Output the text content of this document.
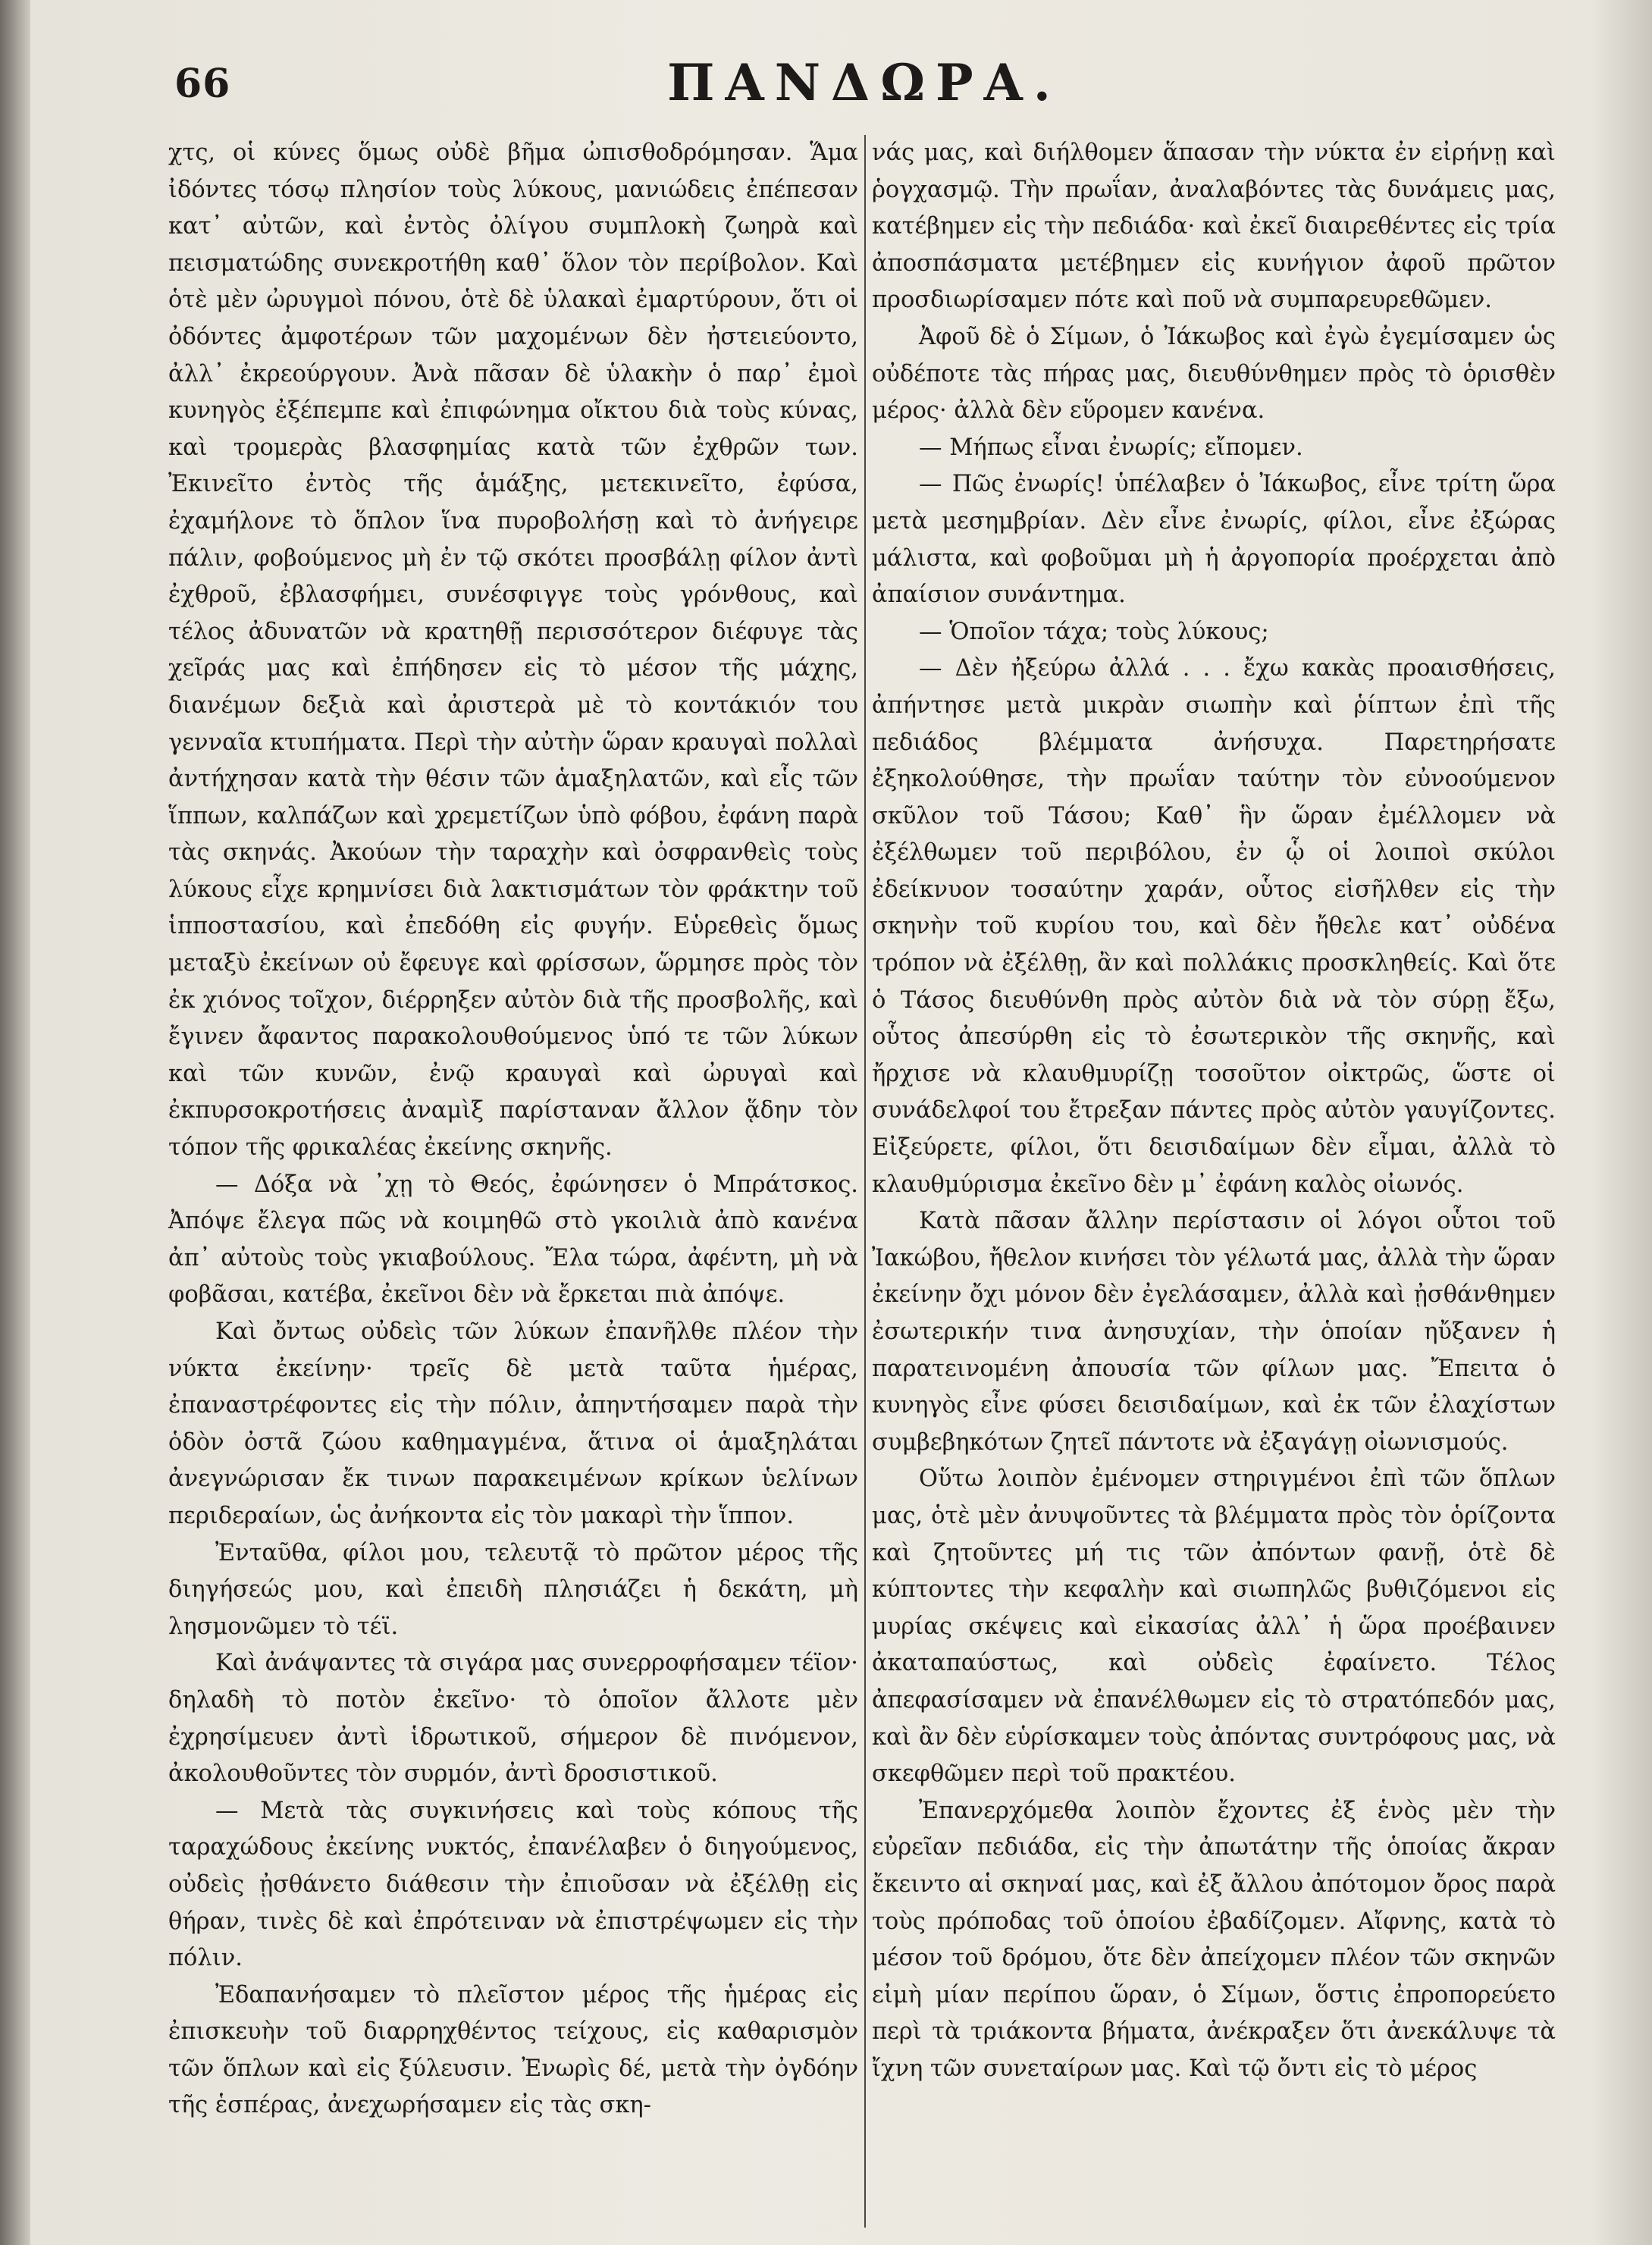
66	ΠΑΝΔΩΡΑ.

χτς, οἱ κύνες ὅμως οὐδὲ βῆμα ὠπισθοδρόμησαν. Ἅμα ἰδόντες τόσῳ πλησίον τοὺς λύκους, μανιώδεις ἐπέπεσαν κατ᾽ αὐτῶν, καὶ ἐντὸς ὀλίγου συμπλοκὴ ζωηρὰ καὶ πεισματώδης συνεκροτήθη καθ᾽ ὅλον τὸν περίβολον. Καὶ ὁτὲ μὲν ὠρυγμοὶ πόνου, ὁτὲ δὲ ὑλακαὶ ἐμαρτύρουν, ὅτι οἱ ὀδόντες ἀμφοτέρων τῶν μαχομένων δὲν ἠστειεύοντο, ἀλλ᾽ ἐκρεούργουν. Ἀνὰ πᾶσαν δὲ ὑλακὴν ὁ παρ᾽ ἐμοὶ κυνηγὸς ἐξέπεμπε καὶ ἐπιφώνημα οἴκτου διὰ τοὺς κύνας, καὶ τρομερὰς βλασφημίας κατὰ τῶν ἐχθρῶν των. Ἐκινεῖτο ἐντὸς τῆς ἁμάξης, μετεκινεῖτο, ἐφύσα, ἐχαμήλονε τὸ ὅπλον ἵνα πυροβολήσῃ καὶ τὸ ἀνήγειρε πάλιν, φοβούμενος μὴ ἐν τῷ σκότει προσβάλῃ φίλον ἀντὶ ἐχθροῦ, ἐβλασφήμει, συνέσφιγγε τοὺς γρόνθους, καὶ τέλος ἀδυνατῶν νὰ κρατηθῇ περισσότερον διέφυγε τὰς χεῖράς μας καὶ ἐπήδησεν εἰς τὸ μέσον τῆς μάχης, διανέμων δεξιὰ καὶ ἀριστερὰ μὲ τὸ κοντάκιόν του γενναῖα κτυπήματα. Περὶ τὴν αὐτὴν ὥραν κραυγαὶ πολλαὶ ἀντήχησαν κατὰ τὴν θέσιν τῶν ἁμαξηλατῶν, καὶ εἷς τῶν ἵππων, καλπάζων καὶ χρεμετίζων ὑπὸ φόβου, ἐφάνη παρὰ τὰς σκηνάς. Ἀκούων τὴν ταραχὴν καὶ ὀσφρανθεὶς τοὺς λύκους εἶχε κρημνίσει διὰ λακτισμάτων τὸν φράκτην τοῦ ἱπποστασίου, καὶ ἐπεδόθη εἰς φυγήν. Εὑρεθεὶς ὅμως μεταξὺ ἐκείνων οὐ ἔφευγε καὶ φρίσσων, ὥρμησε πρὸς τὸν ἐκ χιόνος τοῖχον, διέρρηξεν αὐτὸν διὰ τῆς προσβολῆς, καὶ ἔγινεν ἄφαντος παρακολουθούμενος ὑπό τε τῶν λύκων καὶ τῶν κυνῶν, ἐνῷ κραυγαὶ καὶ ὠρυγαὶ καὶ ἐκπυρσοκροτήσεις ἀναμὶξ παρίσταναν ἄλλον ᾅδην τὸν τόπον τῆς φρικαλέας ἐκείνης σκηνῆς.

— Δόξα νὰ ᾽χῃ τὸ Θεός, ἐφώνησεν ὁ Μπράτσκος. Ἀπόψε ἔλεγα πῶς νὰ κοιμηθῶ στὸ γκοιλιὰ ἀπὸ κανένα ἀπ᾽ αὐτοὺς τοὺς γκιαβούλους. Ἔλα τώρα, ἀφέντη, μὴ νὰ φοβᾶσαι, κατέβα, ἐκεῖνοι δὲν νὰ ἔρκεται πιὰ ἀπόψε.

Καὶ ὄντως οὐδεὶς τῶν λύκων ἐπανῆλθε πλέον τὴν νύκτα ἐκείνην· τρεῖς δὲ μετὰ ταῦτα ἡμέρας, ἐπαναστρέφοντες εἰς τὴν πόλιν, ἀπηντήσαμεν παρὰ τὴν ὁδὸν ὀστᾶ ζώου καθημαγμένα, ἅτινα οἱ ἁμαξηλάται ἀνεγνώρισαν ἔκ τινων παρακειμένων κρίκων ὑελίνων περιδεραίων, ὡς ἀνήκοντα εἰς τὸν μακαρὶ τὴν ἵππον.

Ἐνταῦθα, φίλοι μου, τελευτᾷ τὸ πρῶτον μέρος τῆς διηγήσεώς μου, καὶ ἐπειδὴ πλησιάζει ἡ δεκάτη, μὴ λησμονῶμεν τὸ τέϊ.

Καὶ ἀνάψαντες τὰ σιγάρα μας συνερροφήσαμεν τέϊον· δηλαδὴ τὸ ποτὸν ἐκεῖνο· τὸ ὁποῖον ἄλλοτε μὲν ἐχρησίμευεν ἀντὶ ἱδρωτικοῦ, σήμερον δὲ πινόμενον, ἀκολουθοῦντες τὸν συρμόν, ἀντὶ δροσιστικοῦ.

— Μετὰ τὰς συγκινήσεις καὶ τοὺς κόπους τῆς ταραχώδους ἐκείνης νυκτός, ἐπανέλαβεν ὁ διηγούμενος, οὐδεὶς ᾐσθάνετο διάθεσιν τὴν ἐπιοῦσαν νὰ ἐξέλθῃ εἰς θήραν, τινὲς δὲ καὶ ἐπρότειναν νὰ ἐπιστρέψωμεν εἰς τὴν πόλιν.

Ἐδαπανήσαμεν τὸ πλεῖστον μέρος τῆς ἡμέρας εἰς ἐπισκευὴν τοῦ διαρρηχθέντος τείχους, εἰς καθαρισμὸν τῶν ὅπλων καὶ εἰς ξύλευσιν. Ἐνωρὶς δέ, μετὰ τὴν ὀγδόην τῆς ἑσπέρας, ἀνεχωρήσαμεν εἰς τὰς σκη-

νάς μας, καὶ διήλθομεν ἅπασαν τὴν νύκτα ἐν εἰρήνῃ καὶ ῥογχασμῷ. Τὴν πρωΐαν, ἀναλαβόντες τὰς δυνάμεις μας, κατέβημεν εἰς τὴν πεδιάδα· καὶ ἐκεῖ διαιρεθέντες εἰς τρία ἀποσπάσματα μετέβημεν εἰς κυνήγιον ἀφοῦ πρῶτον προσδιωρίσαμεν πότε καὶ ποῦ νὰ συμπαρευρεθῶμεν.

Ἀφοῦ δὲ ὁ Σίμων, ὁ Ἰάκωβος καὶ ἐγὼ ἐγεμίσαμεν ὡς οὐδέποτε τὰς πήρας μας, διευθύνθημεν πρὸς τὸ ὁρισθὲν μέρος· ἀλλὰ δὲν εὕρομεν κανένα.

— Μήπως εἶναι ἐνωρίς; εἴπομεν.

— Πῶς ἐνωρίς! ὑπέλαβεν ὁ Ἰάκωβος, εἶνε τρίτη ὥρα μετὰ μεσημβρίαν. Δὲν εἶνε ἐνωρίς, φίλοι, εἶνε ἐξώρας μάλιστα, καὶ φοβοῦμαι μὴ ἡ ἀργοπορία προέρχεται ἀπὸ ἀπαίσιον συνάντημα.

— Ὁποῖον τάχα; τοὺς λύκους;

— Δὲν ἠξεύρω ἀλλά . . . ἔχω κακὰς προαισθήσεις, ἀπήντησε μετὰ μικρὰν σιωπὴν καὶ ῥίπτων ἐπὶ τῆς πεδιάδος βλέμματα ἀνήσυχα. Παρετηρήσατε ἐξηκολούθησε, τὴν πρωΐαν ταύτην τὸν εὐνοούμενον σκῦλον τοῦ Τάσου; Καθ᾽ ἣν ὥραν ἐμέλλομεν νὰ ἐξέλθωμεν τοῦ περιβόλου, ἐν ᾧ οἱ λοιποὶ σκύλοι ἐδείκνυον τοσαύτην χαράν, οὗτος εἰσῆλθεν εἰς τὴν σκηνὴν τοῦ κυρίου του, καὶ δὲν ἤθελε κατ᾽ οὐδένα τρόπον νὰ ἐξέλθῃ, ἂν καὶ πολλάκις προσκληθείς. Καὶ ὅτε ὁ Τάσος διευθύνθη πρὸς αὐτὸν διὰ νὰ τὸν σύρῃ ἔξω, οὗτος ἀπεσύρθη εἰς τὸ ἐσωτερικὸν τῆς σκηνῆς, καὶ ἤρχισε νὰ κλαυθμυρίζῃ τοσοῦτον οἰκτρῶς, ὥστε οἱ συνάδελφοί του ἔτρεξαν πάντες πρὸς αὐτὸν γαυγίζοντες. Εἰξεύρετε, φίλοι, ὅτι δεισιδαίμων δὲν εἶμαι, ἀλλὰ τὸ κλαυθμύρισμα ἐκεῖνο δὲν μ᾽ ἐφάνη καλὸς οἰωνός.

Κατὰ πᾶσαν ἄλλην περίστασιν οἱ λόγοι οὗτοι τοῦ Ἰακώβου, ἤθελον κινήσει τὸν γέλωτά μας, ἀλλὰ τὴν ὥραν ἐκείνην ὄχι μόνον δὲν ἐγελάσαμεν, ἀλλὰ καὶ ᾐσθάνθημεν ἐσωτερικήν τινα ἀνησυχίαν, τὴν ὁποίαν ηὔξανεν ἡ παρατεινομένη ἀπουσία τῶν φίλων μας. Ἔπειτα ὁ κυνηγὸς εἶνε φύσει δεισιδαίμων, καὶ ἐκ τῶν ἐλαχίστων συμβεβηκότων ζητεῖ πάντοτε νὰ ἐξαγάγῃ οἰωνισμούς.

Οὕτω λοιπὸν ἐμένομεν στηριγμένοι ἐπὶ τῶν ὅπλων μας, ὁτὲ μὲν ἀνυψοῦντες τὰ βλέμματα πρὸς τὸν ὁρίζοντα καὶ ζητοῦντες μή τις τῶν ἀπόντων φανῇ, ὁτὲ δὲ κύπτοντες τὴν κεφαλὴν καὶ σιωπηλῶς βυθιζόμενοι εἰς μυρίας σκέψεις καὶ εἰκασίας ἀλλ᾽ ἡ ὥρα προέβαινεν ἀκαταπαύστως, καὶ οὐδεὶς ἐφαίνετο. Τέλος ἀπεφασίσαμεν νὰ ἐπανέλθωμεν εἰς τὸ στρατόπεδόν μας, καὶ ἂν δὲν εὑρίσκαμεν τοὺς ἀπόντας συντρόφους μας, νὰ σκεφθῶμεν περὶ τοῦ πρακτέου.

Ἐπανερχόμεθα λοιπὸν ἔχοντες ἐξ ἑνὸς μὲν τὴν εὐρεῖαν πεδιάδα, εἰς τὴν ἀπωτάτην τῆς ὁποίας ἄκραν ἔκειντο αἱ σκηναί μας, καὶ ἐξ ἄλλου ἀπότομον ὄρος παρὰ τοὺς πρόποδας τοῦ ὁποίου ἐβαδίζομεν. Αἴφνης, κατὰ τὸ μέσον τοῦ δρόμου, ὅτε δὲν ἀπείχομεν πλέον τῶν σκηνῶν εἰμὴ μίαν περίπου ὥραν, ὁ Σίμων, ὅστις ἐπροπορεύετο περὶ τὰ τριάκοντα βήματα, ἀνέκραξεν ὅτι ἀνεκάλυψε τὰ ἴχνη τῶν συνεταίρων μας. Καὶ τῷ ὄντι εἰς τὸ μέρος
